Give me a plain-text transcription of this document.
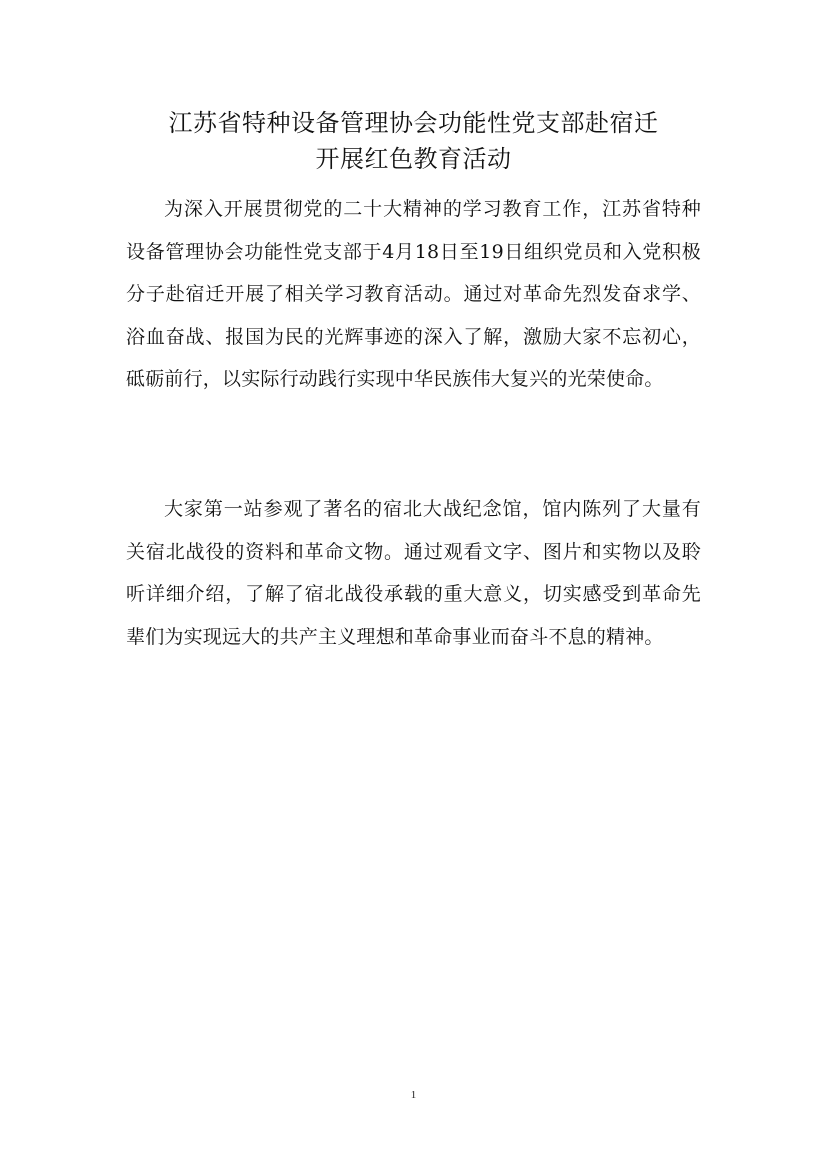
江苏省特种设备管理协会功能性党支部赴宿迁
开展红色教育活动

为深入开展贯彻党的二十大精神的学习教育工作，江苏省特种设备管理协会功能性党支部于4月18日至19日组织党员和入党积极分子赴宿迁开展了相关学习教育活动。通过对革命先烈发奋求学、浴血奋战、报国为民的光辉事迹的深入了解，激励大家不忘初心，砥砺前行，以实际行动践行实现中华民族伟大复兴的光荣使命。

大家第一站参观了著名的宿北大战纪念馆，馆内陈列了大量有关宿北战役的资料和革命文物。通过观看文字、图片和实物以及聆听详细介绍，了解了宿北战役承载的重大意义，切实感受到革命先辈们为实现远大的共产主义理想和革命事业而奋斗不息的精神。

1
